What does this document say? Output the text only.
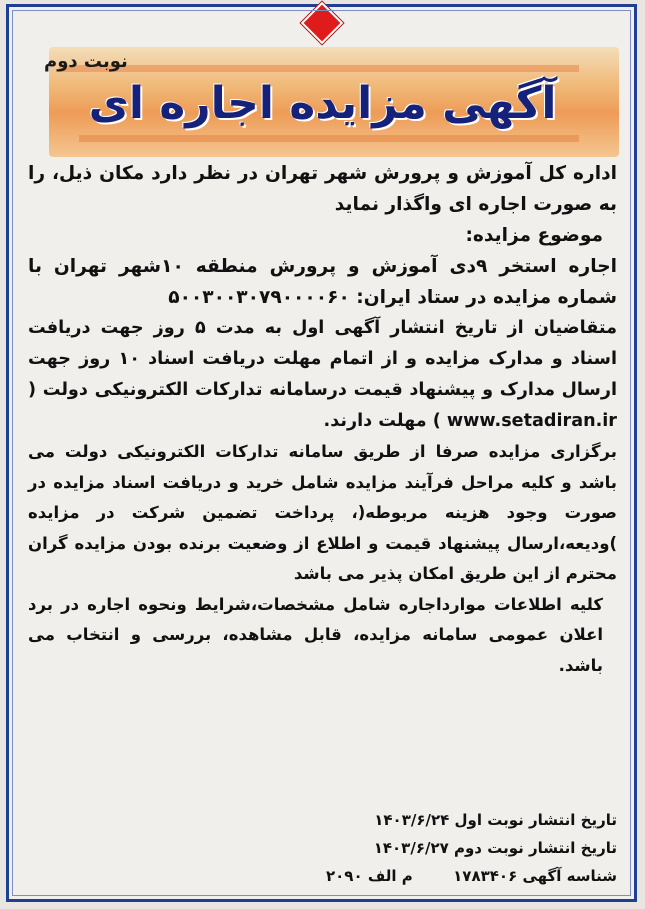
نوبت دوم
آگهی مزایده اجاره ای

اداره کل آموزش و پرورش شهر تهران در نظر دارد مکان ذیل، را به صورت اجاره ای واگذار نماید

موضوع مزایده:

اجاره استخر ۹دی آموزش و پرورش منطقه ۱۰شهر تهران با شماره مزایده در ستاد ایران: ۵۰۰۳۰۰۳۰۷۹۰۰۰۰۶۰

متقاضیان از تاریخ انتشار آگهی اول به مدت ۵ روز جهت دریافت اسناد و مدارک مزایده و از اتمام مهلت دریافت اسناد ۱۰ روز جهت ارسال مدارک و پیشنهاد قیمت درسامانه تدارکات الکترونیکی دولت ( www.setadiran.ir ) مهلت دارند.

برگزاری مزایده صرفا از طریق سامانه تدارکات الکترونیکی دولت می باشد و کلیه مراحل فرآیند مزایده شامل خرید و دریافت اسناد مزایده در صورت وجود هزینه مربوطه(، پرداخت تضمین شرکت در مزایده )ودیعه،ارسال پیشنهاد قیمت و اطلاع از وضعیت برنده بودن مزایده گران محترم از این طریق امکان پذیر می باشد

کلیه اطلاعات موارداجاره شامل مشخصات،شرایط ونحوه اجاره در برد اعلان عمومی سامانه مزایده، قابل مشاهده، بررسی و انتخاب می باشد.

تاریخ انتشار نوبت اول ۱۴۰۳/۶/۲۴
تاریخ انتشار نوبت دوم ۱۴۰۳/۶/۲۷
شناسه آگهی ۱۷۸۳۴۰۶  م الف ۲۰۹۰
